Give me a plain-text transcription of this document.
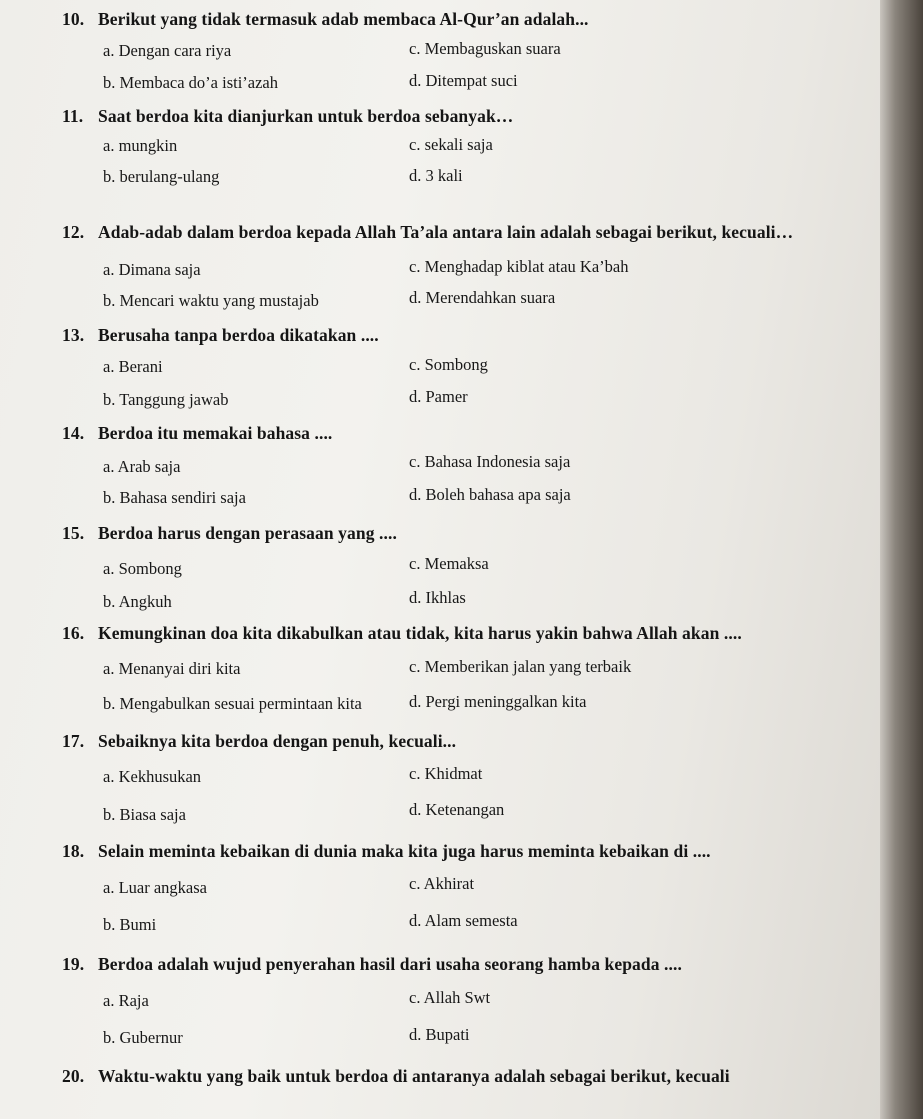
10. Berikut yang tidak termasuk adab membaca Al-Qur’an adalah...
a. Dengan cara riya	c. Membaguskan suara
b. Membaca do’a isti’azah	d. Ditempat suci
11. Saat berdoa kita dianjurkan untuk berdoa sebanyak…
a. mungkin	c. sekali saja
b. berulang-ulang	d. 3 kali
12. Adab-adab dalam berdoa kepada Allah Ta’ala antara lain adalah sebagai berikut, kecuali…
a. Dimana saja	c. Menghadap kiblat atau Ka’bah
b. Mencari waktu yang mustajab	d. Merendahkan suara
13. Berusaha tanpa berdoa dikatakan ....
a. Berani	c. Sombong
b. Tanggung jawab	d. Pamer
14. Berdoa itu memakai bahasa ....
a. Arab saja	c. Bahasa Indonesia saja
b. Bahasa sendiri saja	d. Boleh bahasa apa saja
15. Berdoa harus dengan perasaan yang ....
a. Sombong	c. Memaksa
b. Angkuh	d. Ikhlas
16. Kemungkinan doa kita dikabulkan atau tidak, kita harus yakin bahwa Allah akan ....
a. Menanyai diri kita	c. Memberikan jalan yang terbaik
b. Mengabulkan sesuai permintaan kita	d. Pergi meninggalkan kita
17. Sebaiknya kita berdoa dengan penuh, kecuali...
a. Kekhusukan	c. Khidmat
b. Biasa saja	d. Ketenangan
18. Selain meminta kebaikan di dunia maka kita juga harus meminta kebaikan di ....
a. Luar angkasa	c. Akhirat
b. Bumi	d. Alam semesta
19. Berdoa adalah wujud penyerahan hasil dari usaha seorang hamba kepada ....
a. Raja	c. Allah Swt
b. Gubernur	d. Bupati
20. Waktu-waktu yang baik untuk berdoa di antaranya adalah sebagai berikut, kecuali
